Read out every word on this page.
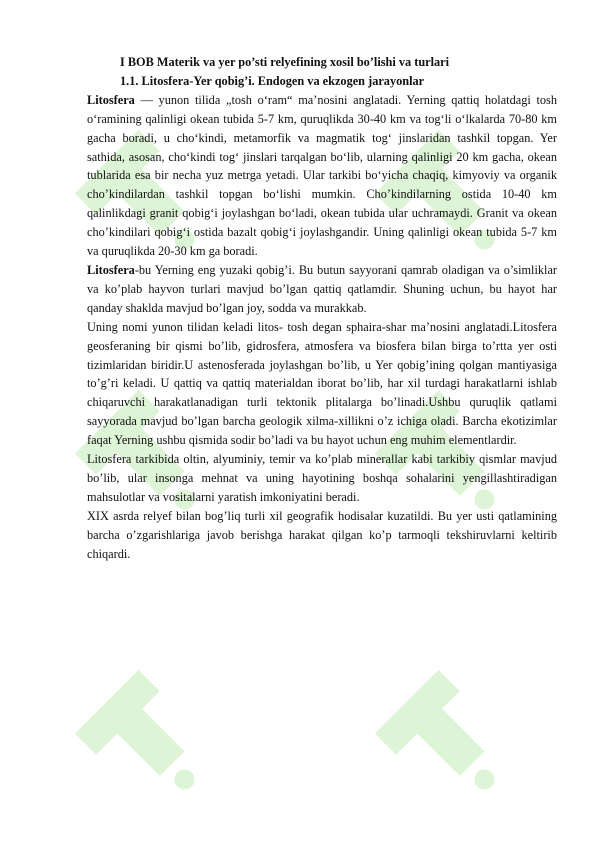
I BOB Materik va yer po’sti relyefining xosil bo’lishi va turlari

1.1. Litosfera-Yer qobig’i. Endogen va ekzogen jarayonlar

Litosfera — yunon tilida „tosh o‘ram“ ma’nosini anglatadi. Yerning qattiq holatdagi tosh o‘ramining qalinligi okean tubida 5-7 km, quruqlikda 30-40 km va tog‘li o‘lkalarda 70-80 km gacha boradi, u cho‘kindi, metamorfik va magmatik tog‘ jinslaridan tashkil topgan. Yer sathida, asosan, cho‘kindi tog‘ jinslari tarqalgan bo‘lib, ularning qalinligi 20 km gacha, okean tublarida esa bir necha yuz metrga yetadi. Ular tarkibi bo‘yicha chaqiq, kimyoviy va organik cho’kindilardan tashkil topgan bo‘lishi mumkin. Cho’kindilarning ostida 10-40 km qalinlikdagi granit qobig‘i joylashgan bo‘ladi, okean tubida ular uchramaydi. Granit va okean cho’kindilari qobig‘i ostida bazalt qobig‘i joylashgandir. Uning qalinligi okean tubida 5-7 km va quruqlikda 20-30 km ga boradi.

Litosfera-bu Yerning eng yuzaki qobig’i. Bu butun sayyorani qamrab oladigan va o’simliklar va ko’plab hayvon turlari mavjud bo’lgan qattiq qatlamdir. Shuning uchun, bu hayot har qanday shaklda mavjud bo’lgan joy, sodda va murakkab.

Uning nomi yunon tilidan keladi litos- tosh degan sphaira-shar ma’nosini anglatadi.Litosfera geosferaning bir qismi bo’lib, gidrosfera, atmosfera va biosfera bilan birga to’rtta yer osti tizimlaridan biridir.U astenosferada joylashgan bo’lib, u Yer qobig’ining qolgan mantiyasiga to’g’ri keladi. U qattiq va qattiq materialdan iborat bo’lib, har xil turdagi harakatlarni ishlab chiqaruvchi harakatlanadigan turli tektonik plitalarga bo’linadi.Ushbu quruqlik qatlami sayyorada mavjud bo’lgan barcha geologik xilma-xillikni o’z ichiga oladi. Barcha ekotizimlar faqat Yerning ushbu qismida sodir bo’ladi va bu hayot uchun eng muhim elementlardir.

Litosfera tarkibida oltin, alyuminiy, temir va ko’plab minerallar kabi tarkibiy qismlar mavjud bo’lib, ular insonga mehnat va uning hayotining boshqa sohalarini yengillashtiradigan mahsulotlar va vositalarni yaratish imkoniyatini beradi.

XIX asrda relyef bilan bog’liq turli xil geografik hodisalar kuzatildi. Bu yer usti qatlamining barcha o’zgarishlariga javob berishga harakat qilgan ko’p tarmoqli tekshiruvlarni keltirib chiqardi.
